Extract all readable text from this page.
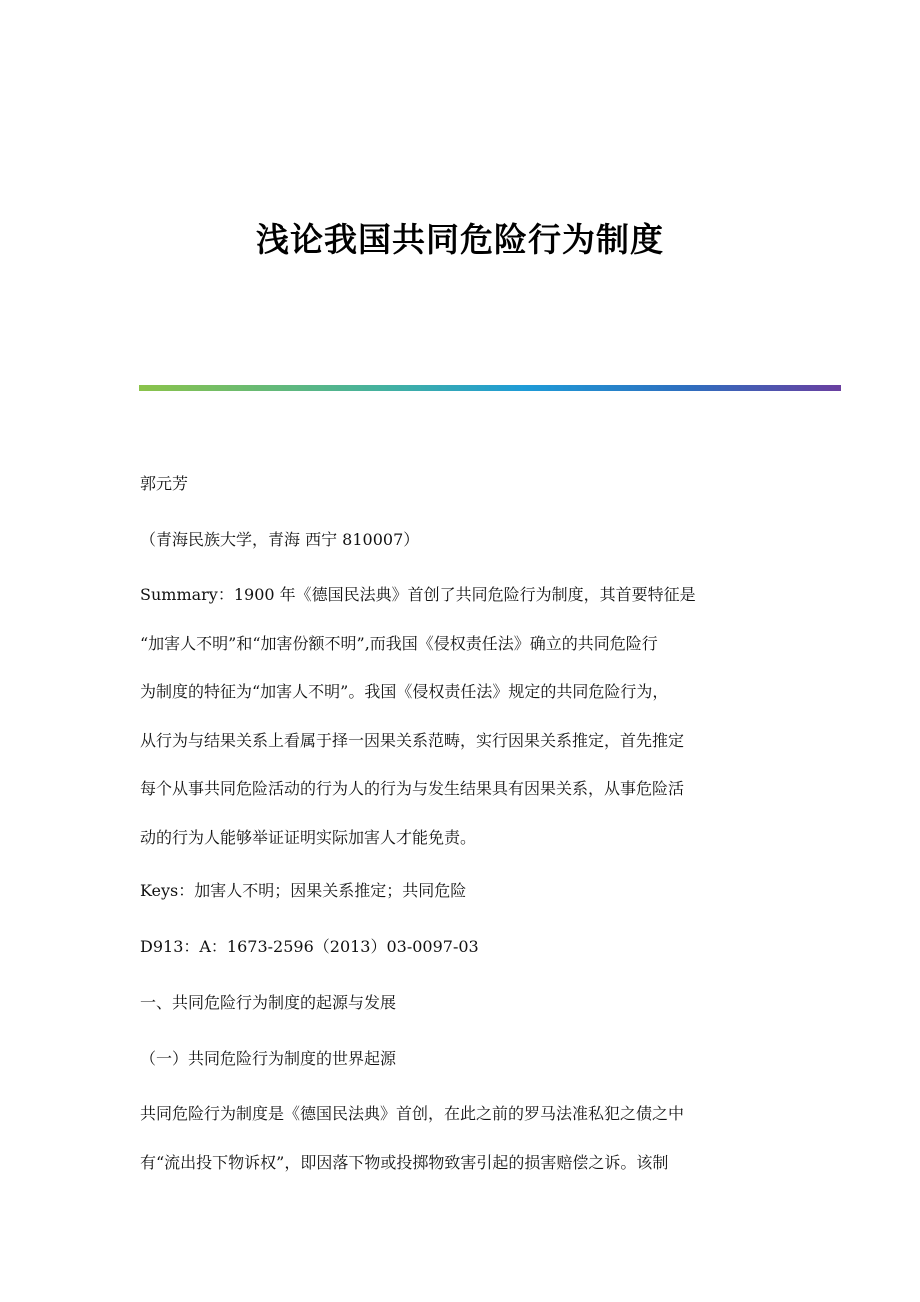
浅论我国共同危险行为制度
郭元芳
（青海民族大学，青海 西宁 810007）
Summary：1900 年《德国民法典》首创了共同危险行为制度，其首要特征是
“加害人不明”和“加害份额不明”,而我国《侵权责任法》确立的共同危险行
为制度的特征为“加害人不明”。我国《侵权责任法》规定的共同危险行为，
从行为与结果关系上看属于择一因果关系范畴，实行因果关系推定，首先推定
每个从事共同危险活动的行为人的行为与发生结果具有因果关系，从事危险活
动的行为人能够举证证明实际加害人才能免责。
Keys：加害人不明；因果关系推定；共同危险
D913：A：1673-2596（2013）03-0097-03
一、共同危险行为制度的起源与发展
（一）共同危险行为制度的世界起源
共同危险行为制度是《德国民法典》首创，在此之前的罗马法准私犯之债之中
有“流出投下物诉权”，即因落下物或投掷物致害引起的损害赔偿之诉。该制
